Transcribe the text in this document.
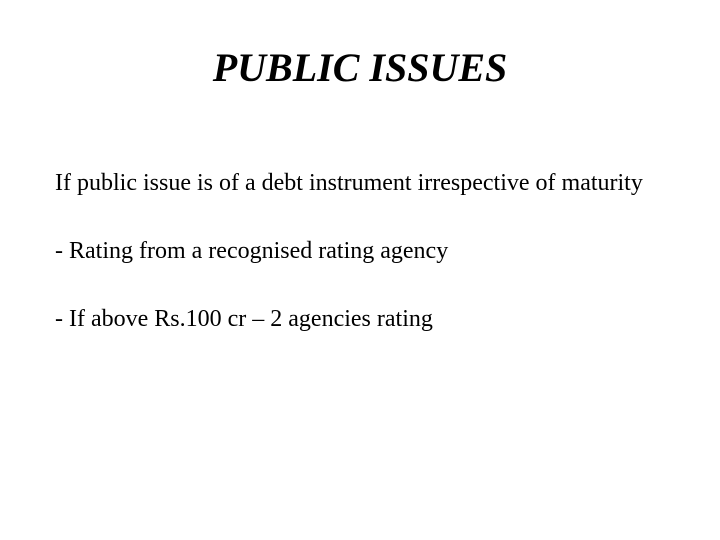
PUBLIC ISSUES

If public issue is of a debt instrument irrespective of maturity

- Rating from a recognised rating agency

- If above Rs.100 cr – 2 agencies rating
